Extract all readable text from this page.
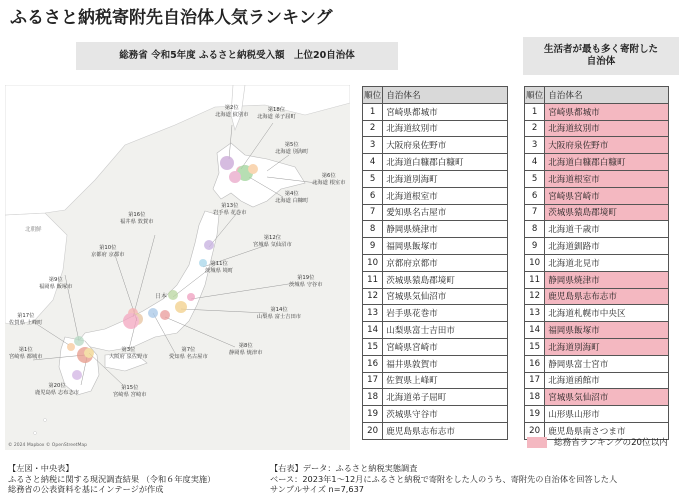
ふるさと納税寄附先自治体人気ランキング
総務省 令和5年度 ふるさと納税受入額　上位20自治体
生活者が最も多く寄附した
自治体
第2位
北海道 紋別市
第18位
北海道 弟子屈町
第5位
北海道 別海町
第6位
北海道 根室市
第4位
北海道 白糠町
第13位
岩手県 花巻市
第16位
福井県 敦賀市
第12位
宮城県 気仙沼市
第10位
京都府 京都市
第11位
茨城県 境町
第9位
福岡県 飯塚市
第19位
茨城県 守谷市
第14位
山梨県 富士吉田市
第17位
佐賀県 上峰町
第1位
宮崎県 都城市
第3位
大阪府 泉佐野市
第7位
愛知県 名古屋市
第8位
静岡県 焼津市
第20位
鹿児島県 志布志市
第15位
宮崎県 宮崎市
日本
北朝鮮
© 2024 Mapbox © OpenStreetMap
順位	自治体名
1	宮崎県都城市
2	北海道紋別市
3	大阪府泉佐野市
4	北海道白糠郡白糠町
5	北海道別海町
6	北海道根室市
7	愛知県名古屋市
8	静岡県焼津市
9	福岡県飯塚市
10	京都府京都市
11	茨城県猿島郡境町
12	宮城県気仙沼市
13	岩手県花巻市
14	山梨県富士吉田市
15	宮崎県宮崎市
16	福井県敦賀市
17	佐賀県上峰町
18	北海道弟子屈町
19	茨城県守谷市
20	鹿児島県志布志市
順位	自治体名
1	宮崎県都城市
2	北海道紋別市
3	大阪府泉佐野市
4	北海道白糠郡白糠町
5	北海道根室市
6	宮崎県宮崎市
7	茨城県猿島郡境町
8	北海道千歳市
9	北海道釧路市
10	北海道北見市
11	静岡県焼津市
12	鹿児島県志布志市
13	北海道札幌市中央区
14	福岡県飯塚市
15	北海道別海町
16	静岡県富士宮市
17	北海道函館市
18	宮城県気仙沼市
19	山形県山形市
20	鹿児島県南さつま市
総務省ランキングの20位以内
【左図・中央表】
ふるさと納税に関する現況調査結果 （令和６年度実施）
総務省の公表資料を基にインテージが作成
【右表】データ：ふるさと納税実態調査
ベース：2023年1～12月にふるさと納税で寄附をした人のうち、寄附先の自治体を回答した人
サンプルサイズ n=7,637
